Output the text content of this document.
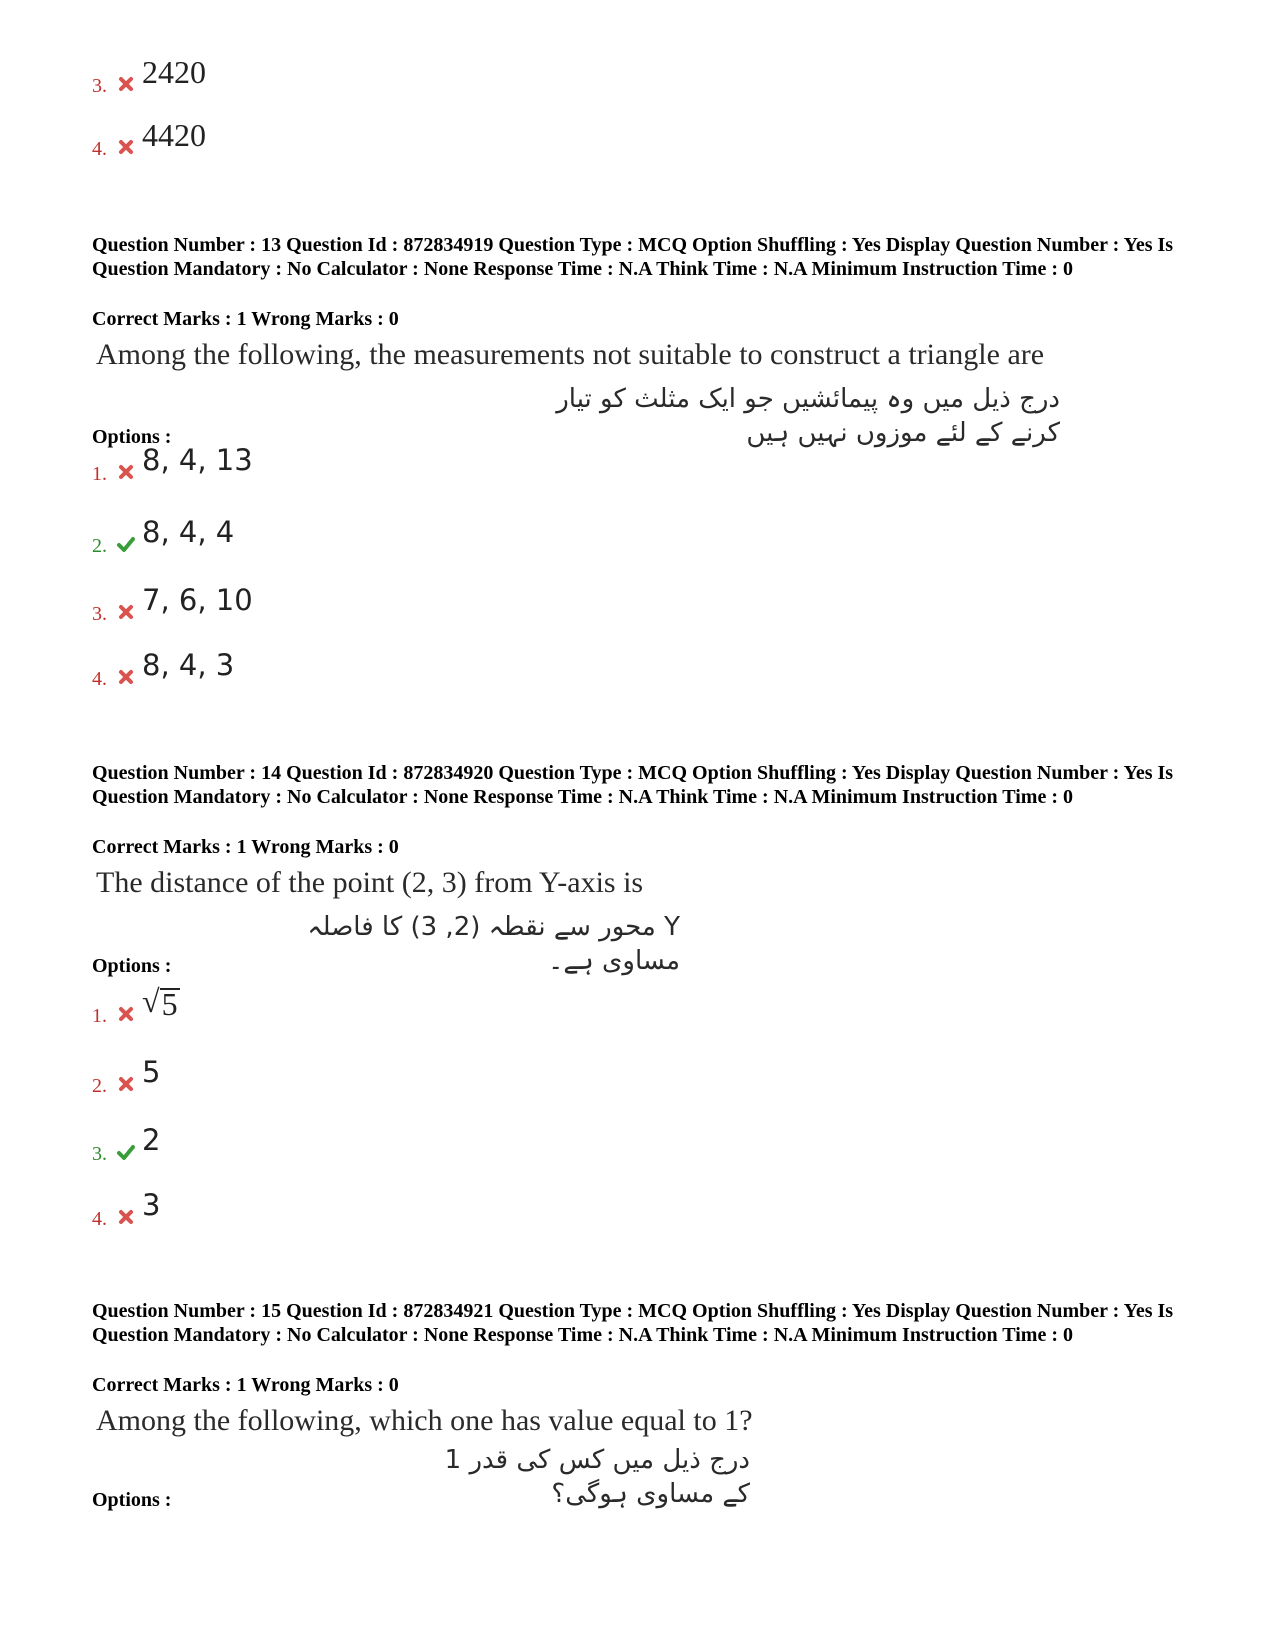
3. 2420
4. 4420
Question Number : 13 Question Id : 872834919 Question Type : MCQ Option Shuffling : Yes Display Question Number : Yes Is Question Mandatory : No Calculator : None Response Time : N.A Think Time : N.A Minimum Instruction Time : 0
Correct Marks : 1 Wrong Marks : 0
Among the following, the measurements not suitable to construct a triangle are
درج ذیل میں وہ پیمائشیں جو ایک مثلث کو تیار کرنے کے لئے موزوں نہیں ہیں
Options :
1. 8, 4, 13
2. 8, 4, 4
3. 7, 6, 10
4. 8, 4, 3
Question Number : 14 Question Id : 872834920 Question Type : MCQ Option Shuffling : Yes Display Question Number : Yes Is Question Mandatory : No Calculator : None Response Time : N.A Think Time : N.A Minimum Instruction Time : 0
Correct Marks : 1 Wrong Marks : 0
The distance of the point (2, 3) from Y-axis is
Y محور سے نقطہ (2, 3) کا فاصلہ مساوی ہے۔
Options :
1. √ 5
2. 5
3. 2
4. 3
Question Number : 15 Question Id : 872834921 Question Type : MCQ Option Shuffling : Yes Display Question Number : Yes Is Question Mandatory : No Calculator : None Response Time : N.A Think Time : N.A Minimum Instruction Time : 0
Correct Marks : 1 Wrong Marks : 0
Among the following, which one has value equal to 1?
درج ذیل میں کس کی قدر 1 کے مساوی ہوگی؟
Options :
